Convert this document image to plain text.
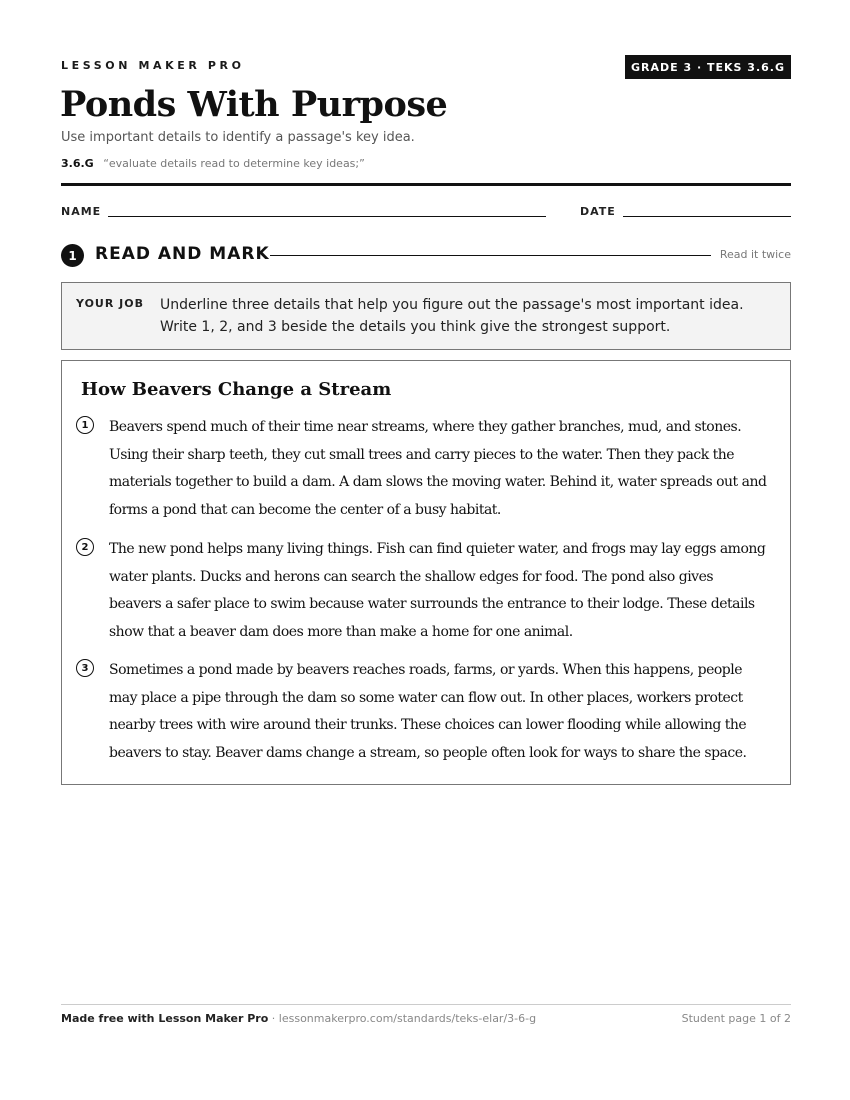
LESSON MAKER PRO	GRADE 3 · TEKS 3.6.G
Ponds With Purpose
Use important details to identify a passage's key idea.
3.6.G “evaluate details read to determine key ideas;”
NAME	DATE
1	READ AND MARK	Read it twice
YOUR JOB Underline three details that help you figure out the passage's most important idea. Write 1, 2, and 3 beside the details you think give the strongest support.
How Beavers Change a Stream
1	Beavers spend much of their time near streams, where they gather branches, mud, and stones. Using their sharp teeth, they cut small trees and carry pieces to the water. Then they pack the materials together to build a dam. A dam slows the moving water. Behind it, water spreads out and forms a pond that can become the center of a busy habitat.

2	The new pond helps many living things. Fish can find quieter water, and frogs may lay eggs among water plants. Ducks and herons can search the shallow edges for food. The pond also gives beavers a safer place to swim because water surrounds the entrance to their lodge. These details show that a beaver dam does more than make a home for one animal.

3	Sometimes a pond made by beavers reaches roads, farms, or yards. When this happens, people may place a pipe through the dam so some water can flow out. In other places, workers protect nearby trees with wire around their trunks. These choices can lower flooding while allowing the beavers to stay. Beaver dams change a stream, so people often look for ways to share the space.

Made free with Lesson Maker Pro · lessonmakerpro.com/standards/teks-elar/3-6-g	Student page 1 of 2
